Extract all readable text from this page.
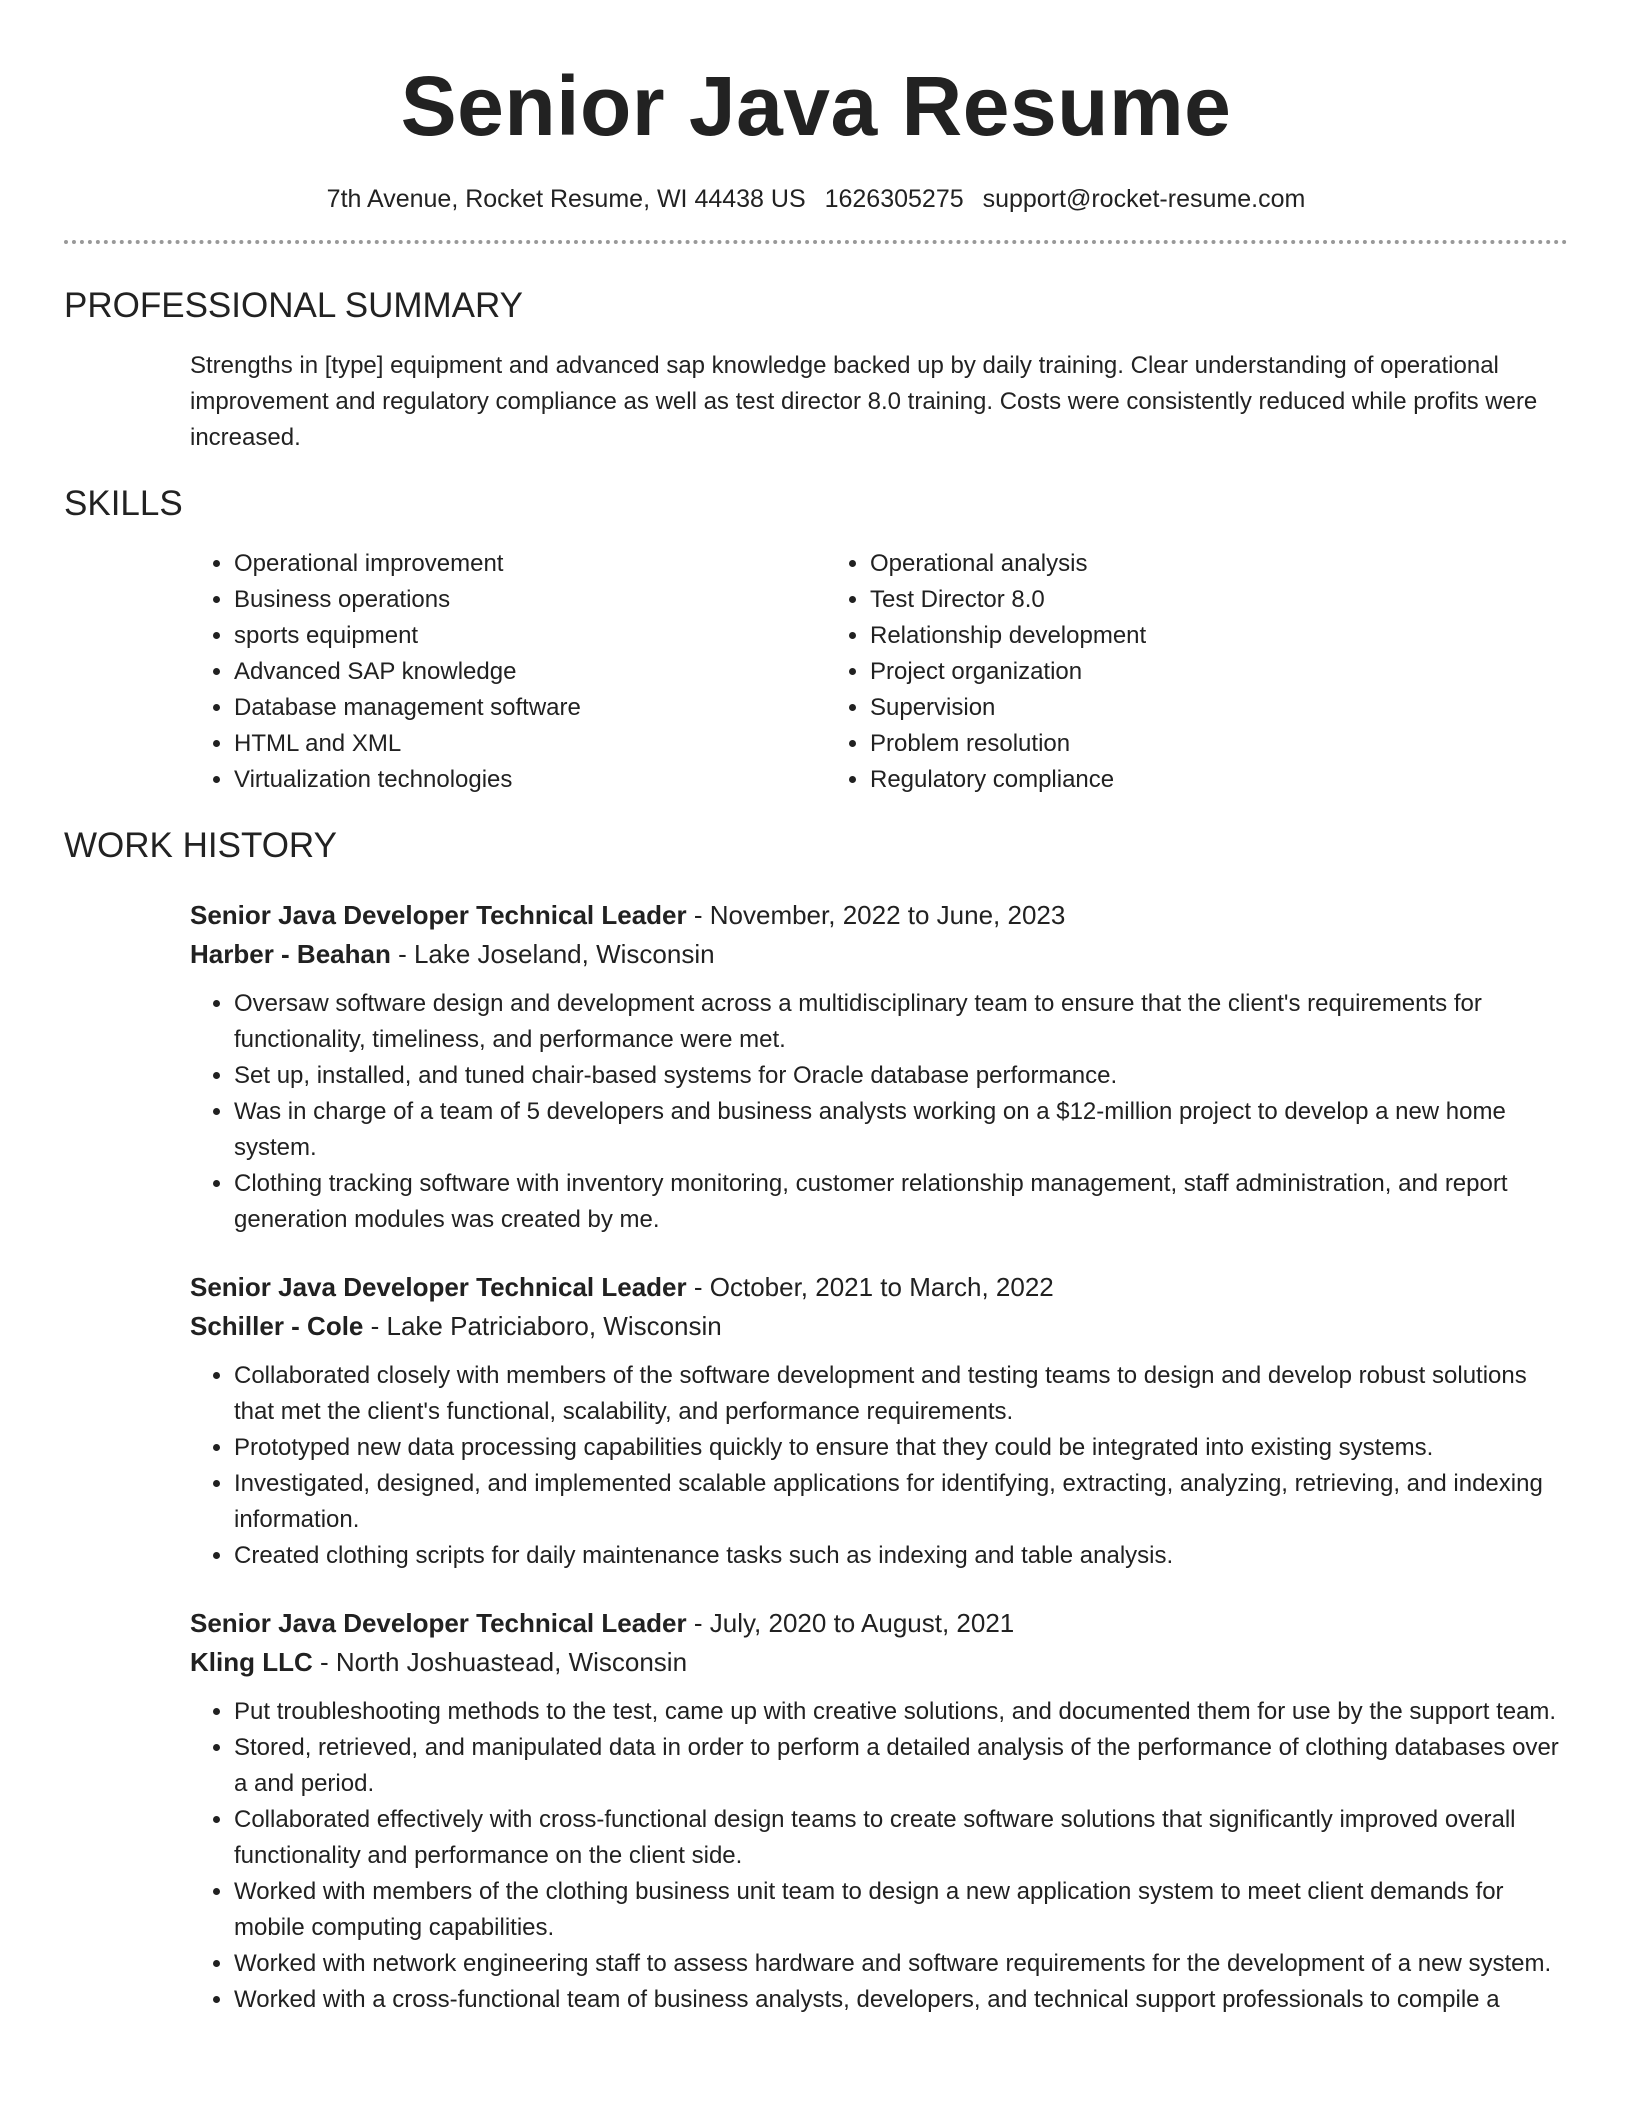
Senior Java Resume
7th Avenue, Rocket Resume, WI 44438 US 1626305275 support@rocket-resume.com
PROFESSIONAL SUMMARY

Strengths in [type] equipment and advanced sap knowledge backed up by daily training. Clear understanding of operational improvement and regulatory compliance as well as test director 8.0 training. Costs were consistently reduced while profits were increased.

SKILLS
• Operational improvement
• Business operations
• sports equipment
• Advanced SAP knowledge
• Database management software
• HTML and XML
• Virtualization technologies
• Operational analysis
• Test Director 8.0
• Relationship development
• Project organization
• Supervision
• Problem resolution
• Regulatory compliance
WORK HISTORY
Senior Java Developer Technical Leader - November, 2022 to June, 2023
Harber - Beahan - Lake Joseland, Wisconsin
• Oversaw software design and development across a multidisciplinary team to ensure that the client's requirements for functionality, timeliness, and performance were met.
• Set up, installed, and tuned chair-based systems for Oracle database performance.
• Was in charge of a team of 5 developers and business analysts working on a $12-million project to develop a new home system.
• Clothing tracking software with inventory monitoring, customer relationship management, staff administration, and report generation modules was created by me.
Senior Java Developer Technical Leader - October, 2021 to March, 2022
Schiller - Cole - Lake Patriciaboro, Wisconsin
• Collaborated closely with members of the software development and testing teams to design and develop robust solutions that met the client's functional, scalability, and performance requirements.
• Prototyped new data processing capabilities quickly to ensure that they could be integrated into existing systems.
• Investigated, designed, and implemented scalable applications for identifying, extracting, analyzing, retrieving, and indexing information.
• Created clothing scripts for daily maintenance tasks such as indexing and table analysis.
Senior Java Developer Technical Leader - July, 2020 to August, 2021
Kling LLC - North Joshuastead, Wisconsin
• Put troubleshooting methods to the test, came up with creative solutions, and documented them for use by the support team.
• Stored, retrieved, and manipulated data in order to perform a detailed analysis of the performance of clothing databases over a and period.
• Collaborated effectively with cross-functional design teams to create software solutions that significantly improved overall functionality and performance on the client side.
• Worked with members of the clothing business unit team to design a new application system to meet client demands for mobile computing capabilities.
• Worked with network engineering staff to assess hardware and software requirements for the development of a new system.
• Worked with a cross-functional team of business analysts, developers, and technical support professionals to compile a
